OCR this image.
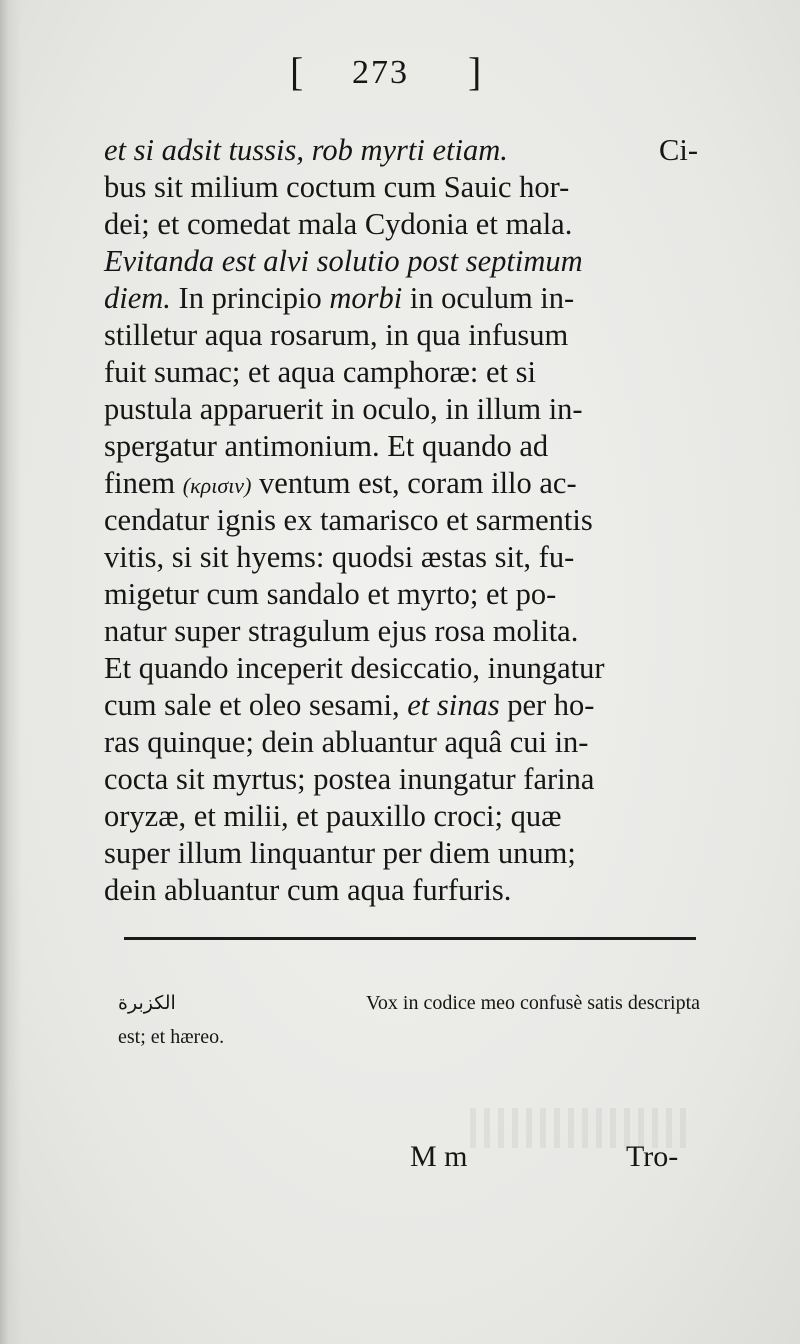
[ 273 ]
et si adsit tussis, rob myrti etiam.	Ci-
bus sit milium coctum cum Sauic hor-
dei; et comedat mala Cydonia et mala.
Evitanda est alvi solutio post septimum
diem. In principio morbi in oculum in-
stilletur aqua rosarum, in qua infusum
fuit sumac; et aqua camphoræ: et si
pustula apparuerit in oculo, in illum in-
spergatur antimonium. Et quando ad
finem (κρισιν) ventum est, coram illo ac-
cendatur ignis ex tamarisco et sarmentis
vitis, si sit hyems: quodsi æstas sit, fu-
migetur cum sandalo et myrto; et po-
natur super stragulum ejus rosa molita.
Et quando inceperit desiccatio, inungatur
cum sale et oleo sesami, et sinas per ho-
ras quinque; dein abluantur aquâ cui in-
cocta sit myrtus; postea inungatur farina
oryzæ, et milii, et pauxillo croci; quæ
super illum linquantur per diem unum;
dein abluantur cum aqua furfuris.
الكزبرة	Vox in codice meo confusè satis descripta
est; et hæreo.
M m	Tro-
